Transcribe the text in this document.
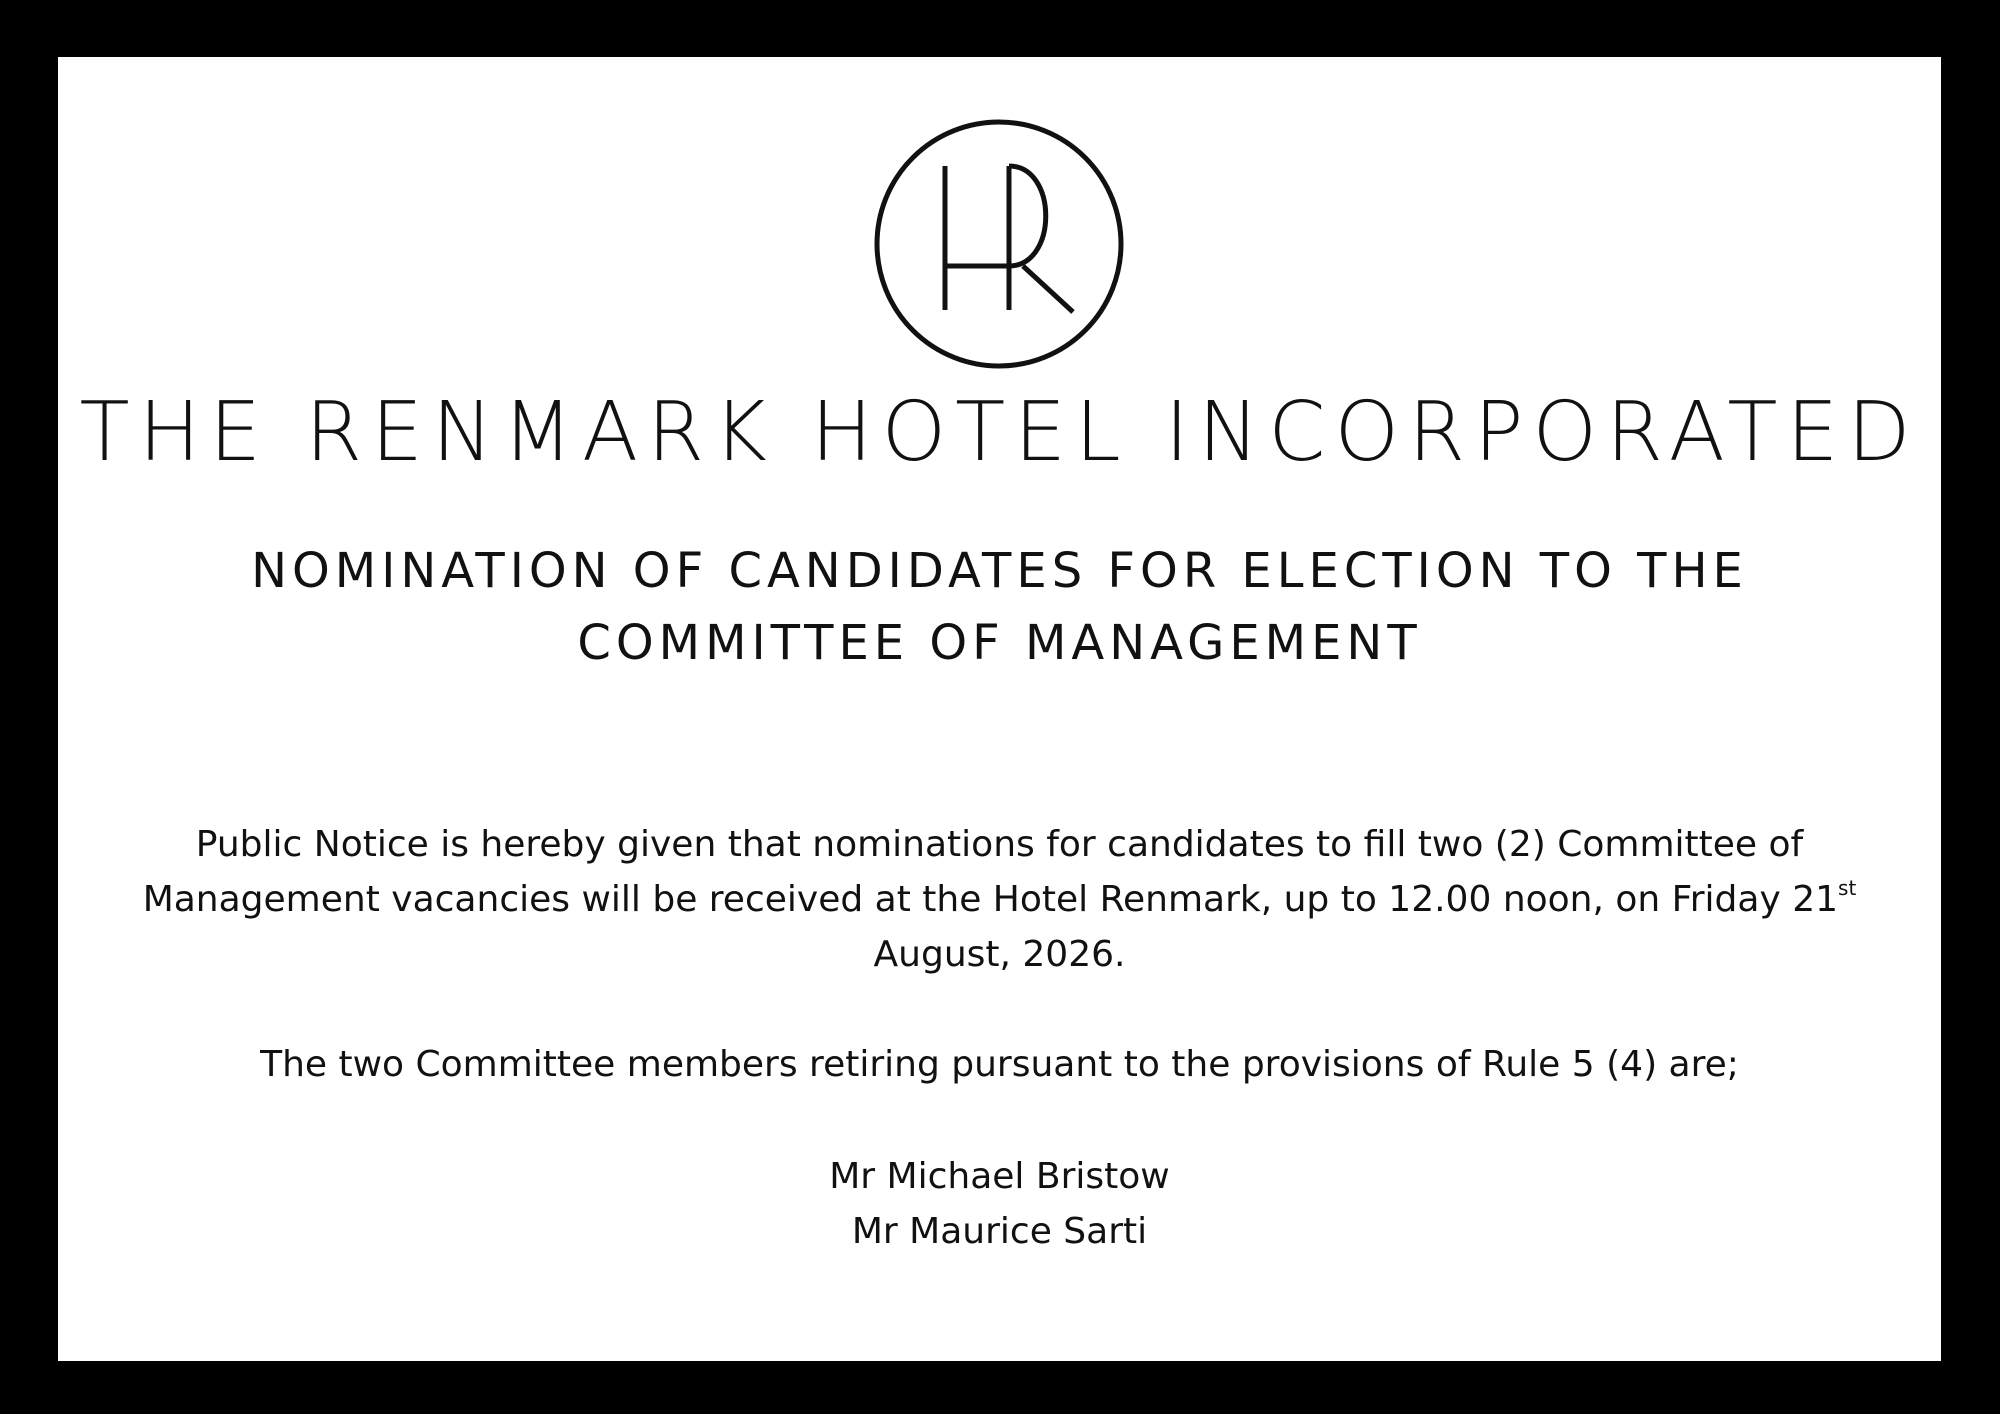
THE RENMARK HOTEL INCORPORATED
NOMINATION OF CANDIDATES FOR ELECTION TO THE
COMMITTEE OF MANAGEMENT
Public Notice is hereby given that nominations for candidates to fill two (2) Committee of
Management vacancies will be received at the Hotel Renmark, up to 12.00 noon, on Friday 21st
August, 2026.
The two Committee members retiring pursuant to the provisions of Rule 5 (4) are;
Mr Michael Bristow
Mr Maurice Sarti
